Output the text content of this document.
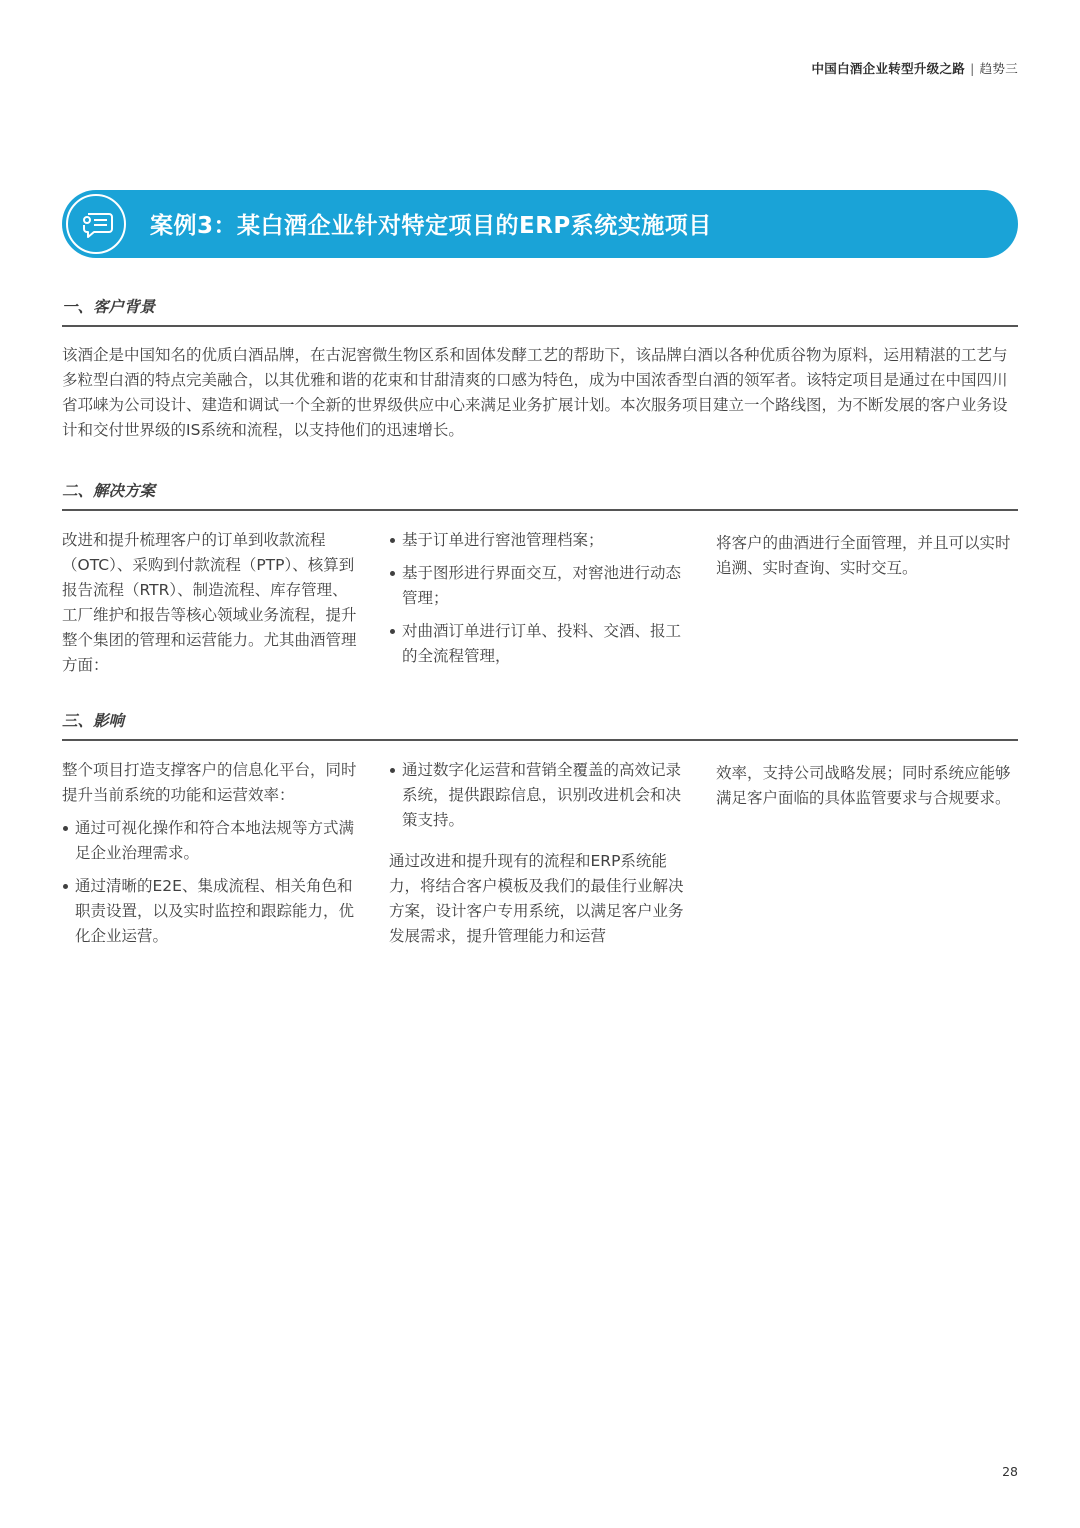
中国白酒企业转型升级之路 | 趋势三
案例3：某白酒企业针对特定项目的ERP系统实施项目
一、客户背景

该酒企是中国知名的优质白酒品牌，在古泥窖微生物区系和固体发酵工艺的帮助下，该品牌白酒以各种优质谷物为原料，运用精湛的工艺与多粒型白酒的特点完美融合，以其优雅和谐的花束和甘甜清爽的口感为特色，成为中国浓香型白酒的领军者。该特定项目是通过在中国四川省邛崃为公司设计、建造和调试一个全新的世界级供应中心来满足业务扩展计划。本次服务项目建立一个路线图，为不断发展的客户业务设计和交付世界级的IS系统和流程，以支持他们的迅速增长。

二、解决方案

改进和提升梳理客户的订单到收款流程（OTC）、采购到付款流程（PTP）、核算到报告流程（RTR）、制造流程、库存管理、工厂维护和报告等核心领域业务流程，提升整个集团的管理和运营能力。尤其曲酒管理方面：

基于订单进行窖池管理档案；
基于图形进行界面交互，对窖池进行动态管理；
对曲酒订单进行订单、投料、交酒、报工的全流程管理，

将客户的曲酒进行全面管理，并且可以实时追溯、实时查询、实时交互。

三、影响

整个项目打造支撑客户的信息化平台，同时提升当前系统的功能和运营效率：

通过可视化操作和符合本地法规等方式满足企业治理需求。
通过清晰的E2E、集成流程、相关角色和职责设置，以及实时监控和跟踪能力，优化企业运营。
通过数字化运营和营销全覆盖的高效记录系统，提供跟踪信息，识别改进机会和决策支持。

通过改进和提升现有的流程和ERP系统能力，将结合客户模板及我们的最佳行业解决方案，设计客户专用系统，以满足客户业务发展需求，提升管理能力和运营

效率，支持公司战略发展；同时系统应能够满足客户面临的具体监管要求与合规要求。

28
